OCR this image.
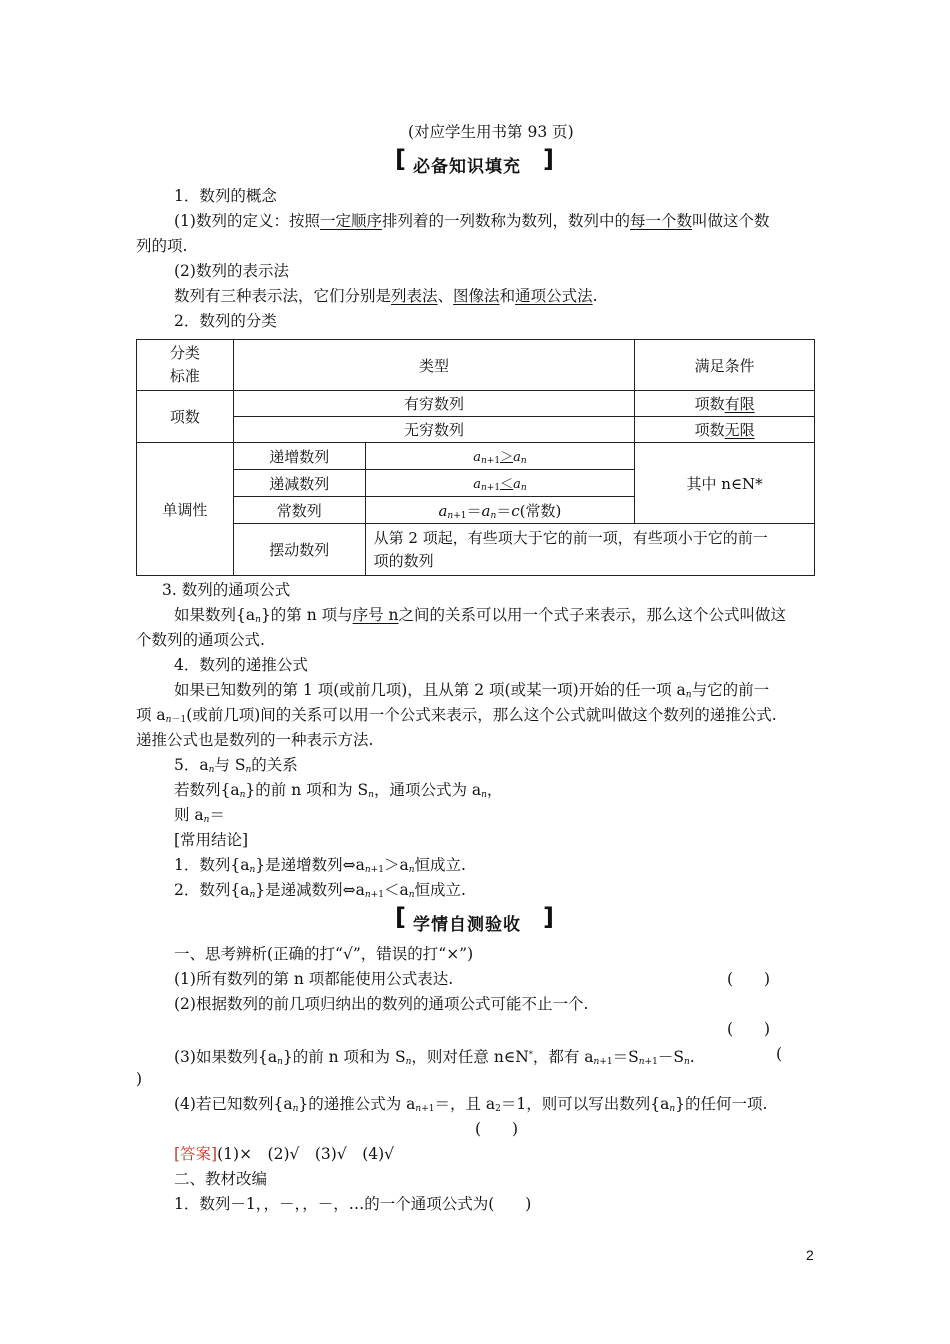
(对应学生用书第 93 页)
[ 必备知识填充 ]
1．数列的概念
(1)数列的定义：按照一定顺序排列着的一列数称为数列，数列中的每一个数叫做这个数
列的项.
(2)数列的表示法
数列有三种表示法，它们分别是列表法、图像法和通项公式法.
2．数列的分类
分类
标准	类型		满足条件
项数	有穷数列		项数有限
	无穷数列		项数无限
单调性	递增数列	$a_{n+1}>a_n$	其中 n∈N*
	递减数列	$a_{n+1}<a_n$
	常数列	$a_{n+1}=a_n=c$(常数)	
	摆动数列	从第 2 项起，有些项大于它的前一项，有些项小于它的前一
项的数列	
3. 数列的通项公式
如果数列$\{a_n\}$的第 n 项与序号 n之间的关系可以用一个式子来表示，那么这个公式叫做这
个数列的通项公式.
4．数列的递推公式
如果已知数列的第 1 项(或前几项)，且从第 2 项(或某一项)开始的任一项 $a_n$与它的前一
项 $a_{n-1}$(或前几项)间的关系可以用一个公式来表示，那么这个公式就叫做这个数列的递推公式.
递推公式也是数列的一种表示方法.
5．$a_n$与 $S_n$的关系
若数列$\{a_n\}$的前 n 项和为 $S_n$，通项公式为 $a_n$，
则 $a_n=$
[常用结论]
1．数列$\{a_n\}$是递增数列$\Leftrightarrow a_{n+1}>a_n$恒成立.
2．数列$\{a_n\}$是递减数列$\Leftrightarrow a_{n+1}<a_n$恒成立.
[ 学情自测验收 ]
一、思考辨析(正确的打“√”，错误的打“×”)
(1)所有数列的第 n 项都能使用公式表达.	(　　)
(2)根据数列的前几项归纳出的数列的通项公式可能不止一个.
(　　)
(3)如果数列$\{a_n\}$的前 n 项和为 $S_n$，则对任意 n∈N*，都有 $a_{n+1}=S_{n+1}-S_n$.	(
)
(4)若已知数列$\{a_n\}$的递推公式为 $a_{n+1}=$，且 $a_2=1$，则可以写出数列$\{a_n\}$的任何一项.
(　　)
[答案](1)×　(2)√　(3)√　(4)√
二、教材改编
1．数列－1，，－，，－，…的一个通项公式为(　　)
2
